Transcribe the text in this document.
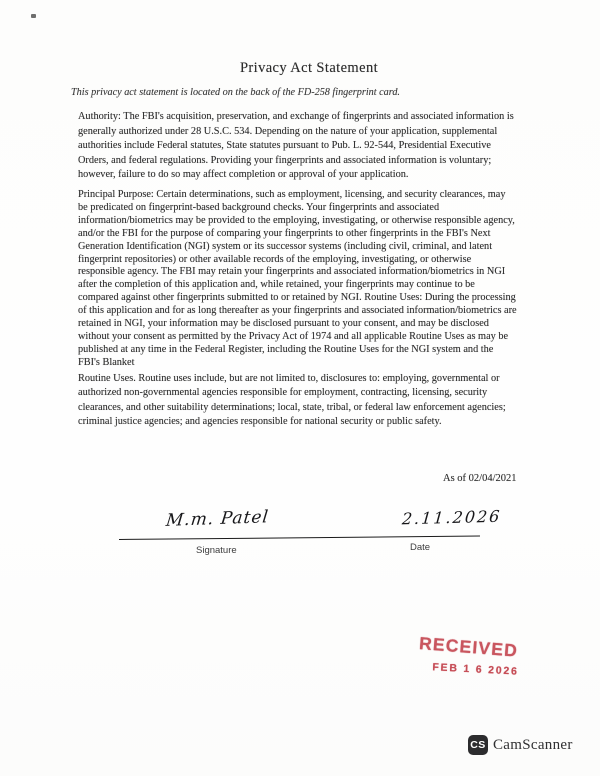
Privacy Act Statement
This privacy act statement is located on the back of the FD-258 fingerprint card.
Authority: The FBI's acquisition, preservation, and exchange of fingerprints and associated information is
generally authorized under 28 U.S.C. 534. Depending on the nature of your application, supplemental
authorities include Federal statutes, State statutes pursuant to Pub. L. 92-544, Presidential Executive
Orders, and federal regulations. Providing your fingerprints and associated information is voluntary;
however, failure to do so may affect completion or approval of your application.
Principal Purpose: Certain determinations, such as employment, licensing, and security clearances, may
be predicated on fingerprint-based background checks. Your fingerprints and associated
information/biometrics may be provided to the employing, investigating, or otherwise responsible agency,
and/or the FBI for the purpose of comparing your fingerprints to other fingerprints in the FBI's Next
Generation Identification (NGI) system or its successor systems (including civil, criminal, and latent
fingerprint repositories) or other available records of the employing, investigating, or otherwise
responsible agency. The FBI may retain your fingerprints and associated information/biometrics in NGI
after the completion of this application and, while retained, your fingerprints may continue to be
compared against other fingerprints submitted to or retained by NGI. Routine Uses: During the processing
of this application and for as long thereafter as your fingerprints and associated information/biometrics are
retained in NGI, your information may be disclosed pursuant to your consent, and may be disclosed
without your consent as permitted by the Privacy Act of 1974 and all applicable Routine Uses as may be
published at any time in the Federal Register, including the Routine Uses for the NGI system and the
FBI's Blanket
Routine Uses. Routine uses include, but are not limited to, disclosures to: employing, governmental or
authorized non-governmental agencies responsible for employment, contracting, licensing, security
clearances, and other suitability determinations; local, state, tribal, or federal law enforcement agencies;
criminal justice agencies; and agencies responsible for national security or public safety.
As of 02/04/2021
M.m. Patel	2.11.2026
Signature	Date
RECEIVED
FEB 1 6 2026
CS CamScanner
